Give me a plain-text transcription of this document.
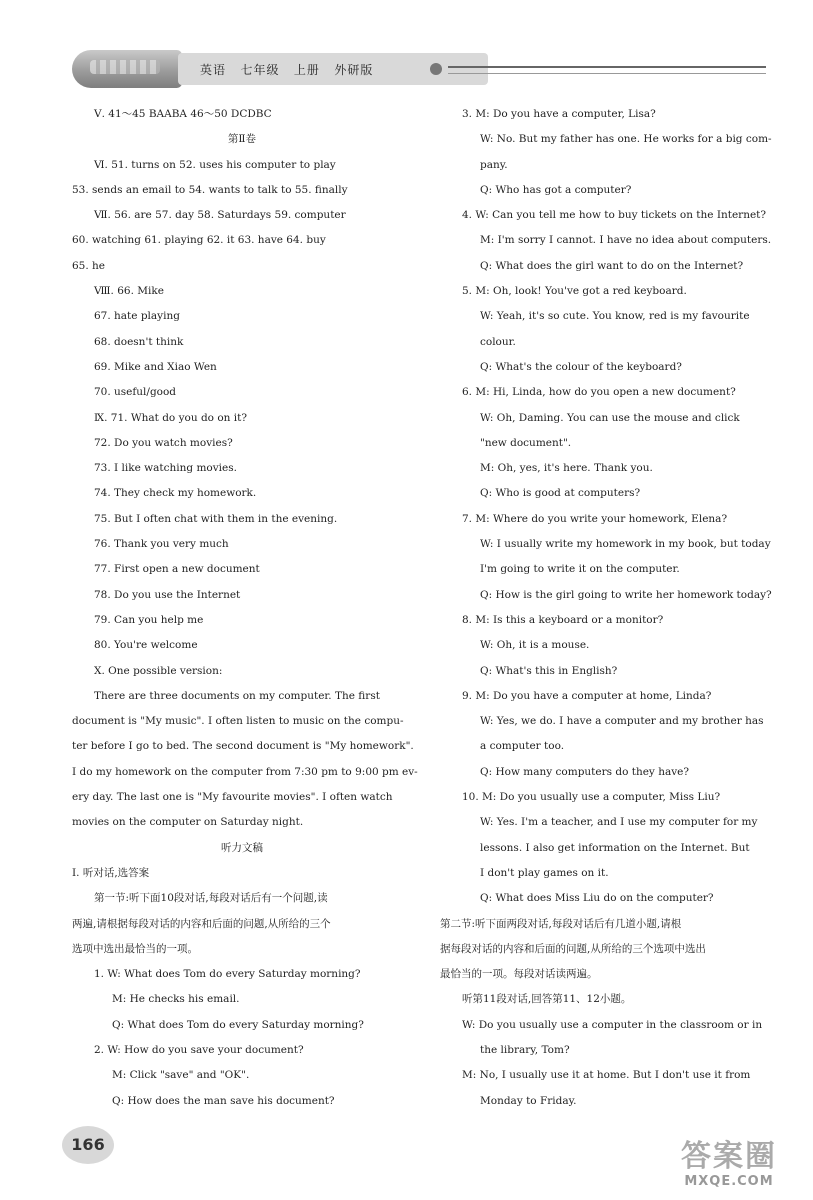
英语   七年级   上册   外研版
Ⅴ. 41～45 BAABA 46～50 DCDBC
第Ⅱ卷
Ⅵ. 51. turns on 52. uses his computer to play
53. sends an email to 54. wants to talk to 55. finally
Ⅶ. 56. are 57. day 58. Saturdays 59. computer
60. watching 61. playing 62. it 63. have 64. buy
65. he
Ⅷ. 66. Mike
67. hate playing
68. doesn't think
69. Mike and Xiao Wen
70. useful/good
Ⅸ. 71. What do you do on it?
72. Do you watch movies?
73. I like watching movies.
74. They check my homework.
75. But I often chat with them in the evening.
76. Thank you very much
77. First open a new document
78. Do you use the Internet
79. Can you help me
80. You're welcome
Ⅹ. One possible version:
There are three documents on my computer. The first
document is "My music". I often listen to music on the compu-
ter before I go to bed. The second document is "My homework".
I do my homework on the computer from 7:30 pm to 9:00 pm ev-
ery day. The last one is "My favourite movies". I often watch
movies on the computer on Saturday night.
听力文稿
Ⅰ. 听对话,选答案
第一节:听下面10段对话,每段对话后有一个问题,读
两遍,请根据每段对话的内容和后面的问题,从所给的三个
选项中选出最恰当的一项。
1. W: What does Tom do every Saturday morning?
M: He checks his email.
Q: What does Tom do every Saturday morning?
2. W: How do you save your document?
M: Click "save" and "OK".
Q: How does the man save his document?
3. M: Do you have a computer, Lisa?
W: No. But my father has one. He works for a big com-
pany.
Q: Who has got a computer?
4. W: Can you tell me how to buy tickets on the Internet?
M: I'm sorry I cannot. I have no idea about computers.
Q: What does the girl want to do on the Internet?
5. M: Oh, look! You've got a red keyboard.
W: Yeah, it's so cute. You know, red is my favourite
colour.
Q: What's the colour of the keyboard?
6. M: Hi, Linda, how do you open a new document?
W: Oh, Daming. You can use the mouse and click
"new document".
M: Oh, yes, it's here. Thank you.
Q: Who is good at computers?
7. M: Where do you write your homework, Elena?
W: I usually write my homework in my book, but today
I'm going to write it on the computer.
Q: How is the girl going to write her homework today?
8. M: Is this a keyboard or a monitor?
W: Oh, it is a mouse.
Q: What's this in English?
9. M: Do you have a computer at home, Linda?
W: Yes, we do. I have a computer and my brother has
a computer too.
Q: How many computers do they have?
10. M: Do you usually use a computer, Miss Liu?
W: Yes. I'm a teacher, and I use my computer for my
lessons. I also get information on the Internet. But
I don't play games on it.
Q: What does Miss Liu do on the computer?
第二节:听下面两段对话,每段对话后有几道小题,请根
据每段对话的内容和后面的问题,从所给的三个选项中选出
最恰当的一项。每段对话读两遍。
听第11段对话,回答第11、12小题。
W: Do you usually use a computer in the classroom or in
the library, Tom?
M: No, I usually use it at home. But I don't use it from
Monday to Friday.
166	答案圈
MXQE.COM
